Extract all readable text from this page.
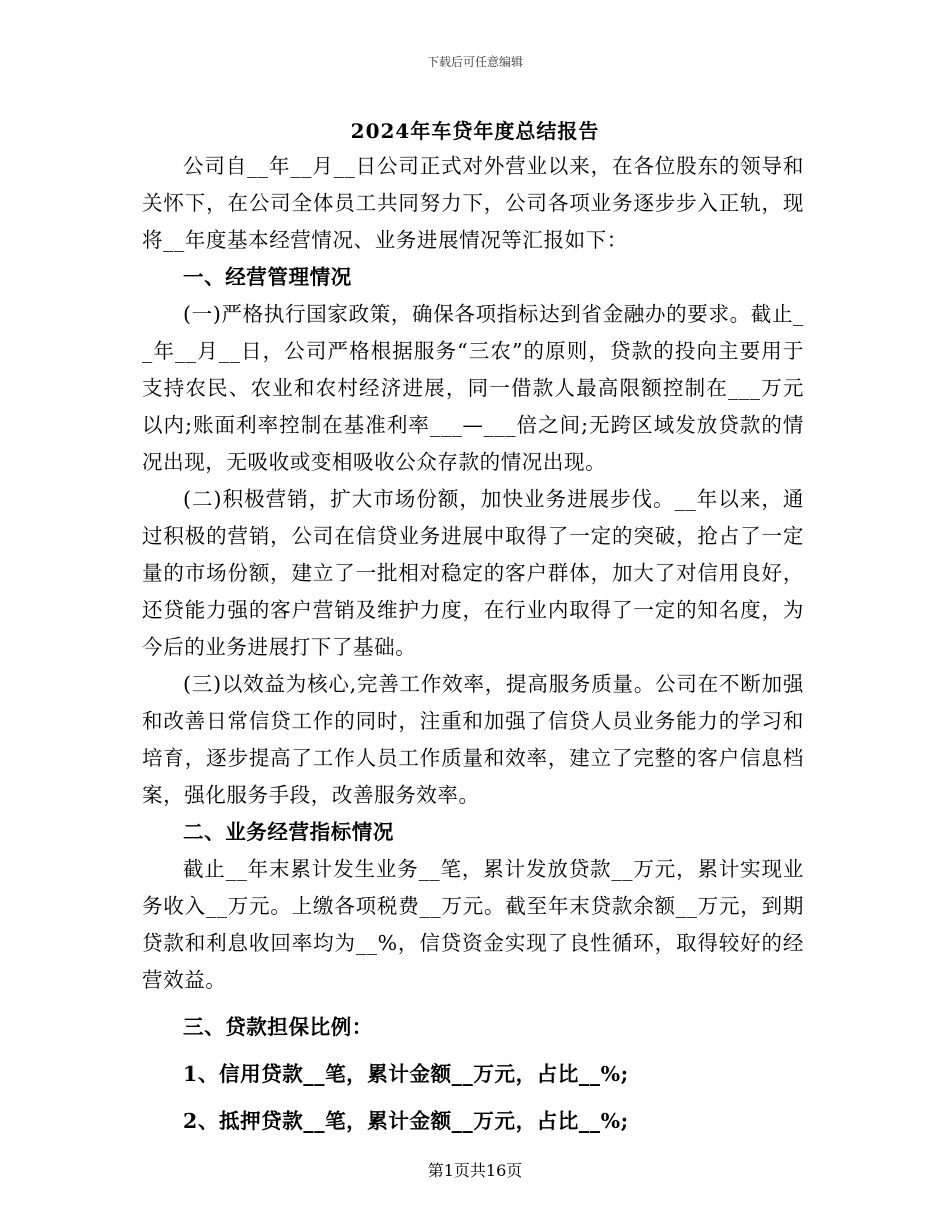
下载后可任意编辑
2024年车贷年度总结报告

公司自__年__月__日公司正式对外营业以来，在各位股东的领导和关怀下，在公司全体员工共同努力下，公司各项业务逐步步入正轨，现将__年度基本经营情况、业务进展情况等汇报如下：

一、经营管理情况

(一)严格执行国家政策，确保各项指标达到省金融办的要求。截止__年__月__日，公司严格根据服务“三农”的原则，贷款的投向主要用于支持农民、农业和农村经济进展，同一借款人最高限额控制在___万元以内;账面利率控制在基准利率___—___倍之间;无跨区域发放贷款的情况出现，无吸收或变相吸收公众存款的情况出现。

(二)积极营销，扩大市场份额，加快业务进展步伐。__年以来，通过积极的营销，公司在信贷业务进展中取得了一定的突破，抢占了一定量的市场份额，建立了一批相对稳定的客户群体，加大了对信用良好，还贷能力强的客户营销及维护力度，在行业内取得了一定的知名度，为今后的业务进展打下了基础。

(三)以效益为核心,完善工作效率，提高服务质量。公司在不断加强和改善日常信贷工作的同时，注重和加强了信贷人员业务能力的学习和培育，逐步提高了工作人员工作质量和效率，建立了完整的客户信息档案，强化服务手段，改善服务效率。

二、业务经营指标情况

截止__年末累计发生业务__笔，累计发放贷款__万元，累计实现业务收入__万元。上缴各项税费__万元。截至年末贷款余额__万元，到期贷款和利息收回率均为__%，信贷资金实现了良性循环，取得较好的经营效益。

三、贷款担保比例：

1、信用贷款__笔，累计金额__万元，占比__%;

2、抵押贷款__笔，累计金额__万元，占比__%;

第1页共16页
